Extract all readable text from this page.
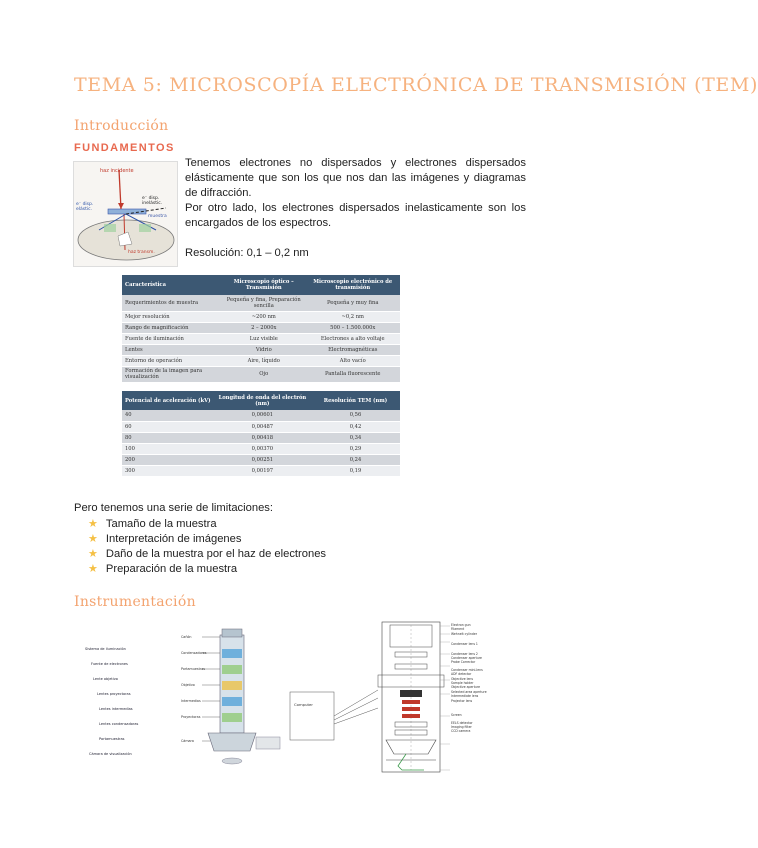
TEMA 5: MICROSCOPÍA ELECTRÓNICA DE TRANSMISIÓN (TEM)
Introducción
FUNDAMENTOS
haz incidente
e⁻ disp. elástic.
e⁻ disp. inelástic.
muestra
haz transm.
Tenemos electrones no dispersados y electrones dispersados elásticamente que son los que nos dan las imágenes y diagramas de difracción.
Por otro lado, los electrones dispersados inelasticamente son los encargados de los espectros.
Resolución: 0,1 – 0,2 nm
Característica	Microscopio óptico – Transmisión	Microscopio electrónico de transmisión
Requerimientos de muestra	Pequeña y fina, Preparación sencilla	Pequeña y muy fina
Mejor resolución	~200 nm	~0,2 nm
Rango de magnificación	2 – 2000x	500 – 1.500.000x
Fuente de iluminación	Luz visible	Electrones a alto voltaje
Lentes	Vidrio	Electromagnéticas
Entorno de operación	Aire, líquido	Alto vacío
Formación de la imagen para visualización	Ojo	Pantalla fluorescente
Potencial de aceleración (kV)	Longitud de onda del electrón (nm)	Resolución TEM (nm)
40	0,00601	0,56
60	0,00487	0,42
80	0,00418	0,34
100	0,00370	0,29
200	0,00251	0,24
300	0,00197	0,19
Pero tenemos una serie de limitaciones:
★ Tamaño de la muestra
★ Interpretación de imágenes
★ Daño de la muestra por el haz de electrones
★ Preparación de la muestra
Instrumentación
Sistema de iluminación
Fuente de electrones
Lente objetivo
Lentes proyectoras
Lentes intermedias
Lentes condensadoras
Portamuestras
Cámara de visualización
Cañón
Condensadores
Portamuestras
Objetivo
Intermedias
Proyectoras
Cámara
Computer
Electron gun
Filament
Wehnelt cylinder
Condenser lens 1
Condenser lens 2
Condenser aperture
Probe Corrector
Condenser mini-lens
ADF detector
Objective lens
Sample holder
Objective aperture
Selected area aperture
Intermediate lens
Projector lens
Screen
EELS detector
Imaging filter
CCD camera
